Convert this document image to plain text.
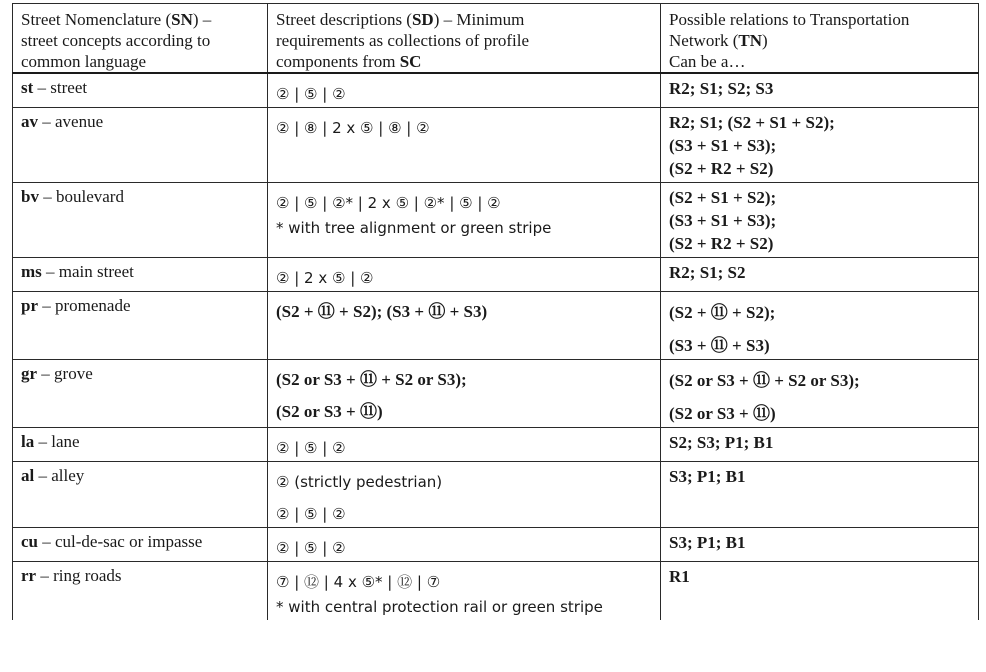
Street Nomenclature (SN) –
street concepts according to
common language	Street descriptions (SD) – Minimum
requirements as collections of profile
components from SC	Possible relations to Transportation
Network (TN)
Can be a…

st – street	② | ⑤ | ②	R2; S1; S2; S3

av – avenue	② | ⑧ | 2 x ⑤ | ⑧ | ②	R2; S1; (S2 + S1 + S2);
(S3 + S1 + S3);
(S2 + R2 + S2)

bv – boulevard	② | ⑤ | ②* | 2 x ⑤ | ②* | ⑤ | ②
* with tree alignment or green stripe	(S2 + S1 + S2);
(S3 + S1 + S3);
(S2 + R2 + S2)

ms – main street	② | 2 x ⑤ | ②	R2; S1; S2

pr – promenade	(S2 + ⑪ + S2); (S3 + ⑪ + S3)	(S2 + ⑪ + S2);
(S3 + ⑪ + S3)

gr – grove	(S2 or S3 + ⑪ + S2 or S3);
(S2 or S3 + ⑪)	(S2 or S3 + ⑪ + S2 or S3);
(S2 or S3 + ⑪)

la – lane	② | ⑤ | ②	S2; S3; P1; B1

al – alley	② (strictly pedestrian)
② | ⑤ | ②	S3; P1; B1

cu – cul-de-sac or impasse	② | ⑤ | ②	S3; P1; B1

rr – ring roads	⑦ | ⑫ | 4 x ⑤* | ⑫ | ⑦
* with central protection rail or green stripe	R1
